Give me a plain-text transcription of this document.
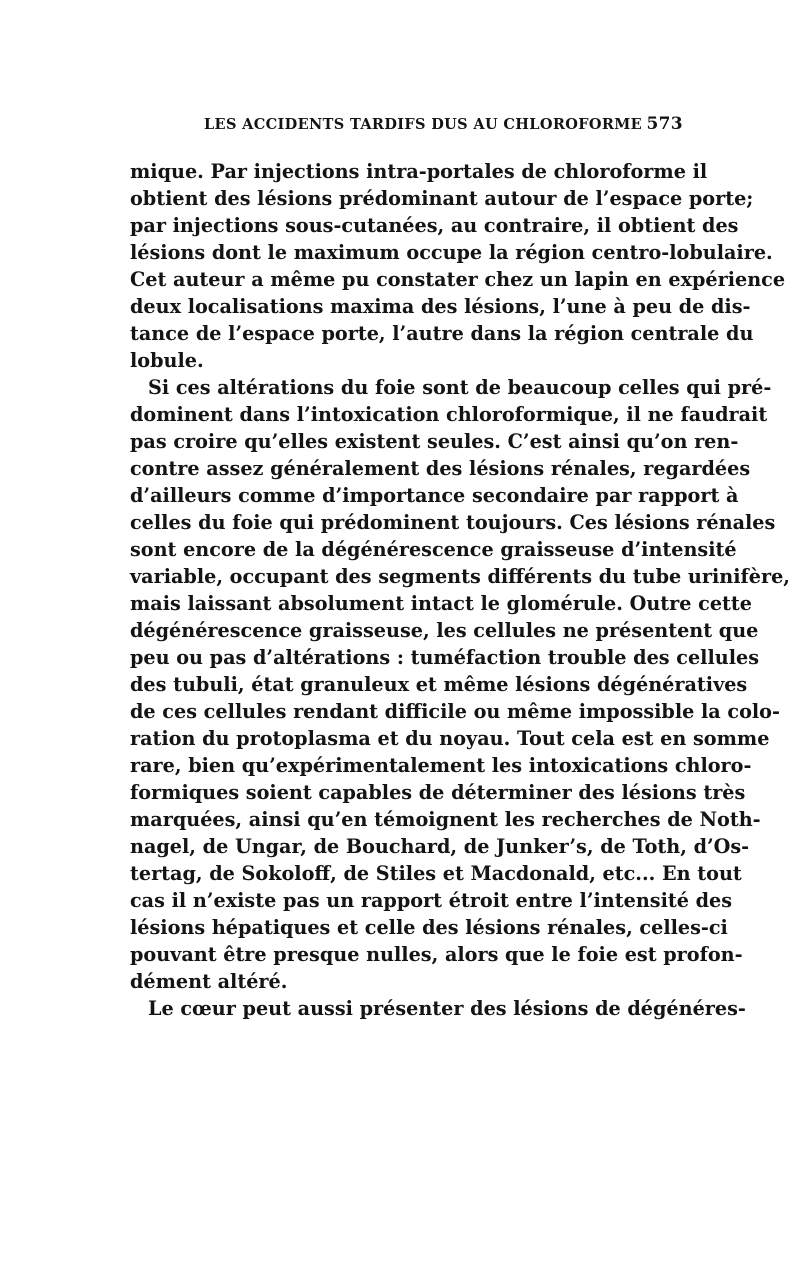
LES ACCIDENTS TARDIFS DUS AU CHLOROFORME 573
mique. Par injections intra-portales de chloroforme il
obtient des lésions prédominant autour de l’espace porte;
par injections sous-cutanées, au contraire, il obtient des
lésions dont le maximum occupe la région centro-lobulaire.
Cet auteur a même pu constater chez un lapin en expérience
deux localisations maxima des lésions, l’une à peu de dis-
tance de l’espace porte, l’autre dans la région centrale du
lobule.
Si ces altérations du foie sont de beaucoup celles qui pré-
dominent dans l’intoxication chloroformique, il ne faudrait
pas croire qu’elles existent seules. C’est ainsi qu’on ren-
contre assez généralement des lésions rénales, regardées
d’ailleurs comme d’importance secondaire par rapport à
celles du foie qui prédominent toujours. Ces lésions rénales
sont encore de la dégénérescence graisseuse d’intensité
variable, occupant des segments différents du tube urinifère,
mais laissant absolument intact le glomérule. Outre cette
dégénérescence graisseuse, les cellules ne présentent que
peu ou pas d’altérations : tuméfaction trouble des cellules
des tubuli, état granuleux et même lésions dégénératives
de ces cellules rendant difficile ou même impossible la colo-
ration du protoplasma et du noyau. Tout cela est en somme
rare, bien qu’expérimentalement les intoxications chloro-
formiques soient capables de déterminer des lésions très
marquées, ainsi qu’en témoignent les recherches de Noth-
nagel, de Ungar, de Bouchard, de Junker’s, de Toth, d’Os-
tertag, de Sokoloff, de Stiles et Macdonald, etc... En tout
cas il n’existe pas un rapport étroit entre l’intensité des
lésions hépatiques et celle des lésions rénales, celles-ci
pouvant être presque nulles, alors que le foie est profon-
dément altéré.
Le cœur peut aussi présenter des lésions de dégénéres-
